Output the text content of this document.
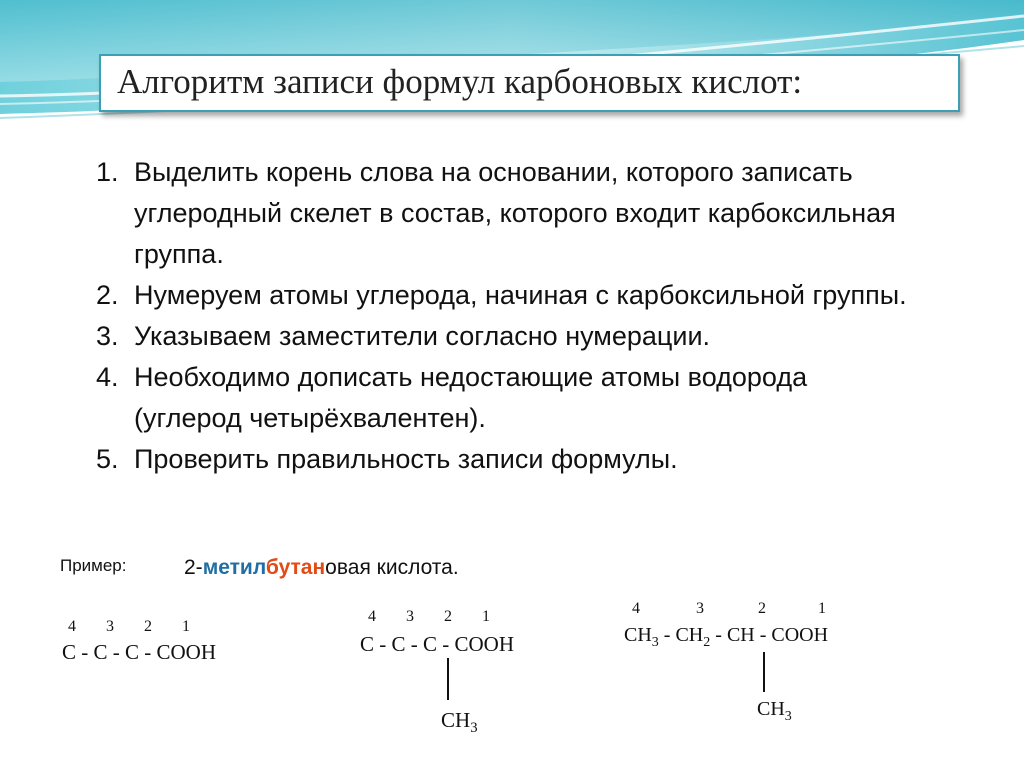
Алгоритм записи формул карбоновых кислот:
1. Выделить корень слова на основании, которого записать углеродный скелет в состав, которого входит карбоксильная группа.
2. Нумеруем атомы углерода, начиная с карбоксильной группы.
3. Указываем заместители согласно нумерации.
4. Необходимо дописать недостающие атомы водорода (углерод четырёхвалентен).
5. Проверить правильность записи формулы.
Пример:	2-метилбутановая кислота.
4 3 2 1
C - C - C - COOH
4 3 2 1
C - C - C - COOH
$CH_3$
4	3	2	1
$CH_3 - CH_2$ - CH - COOH
$CH_3$
